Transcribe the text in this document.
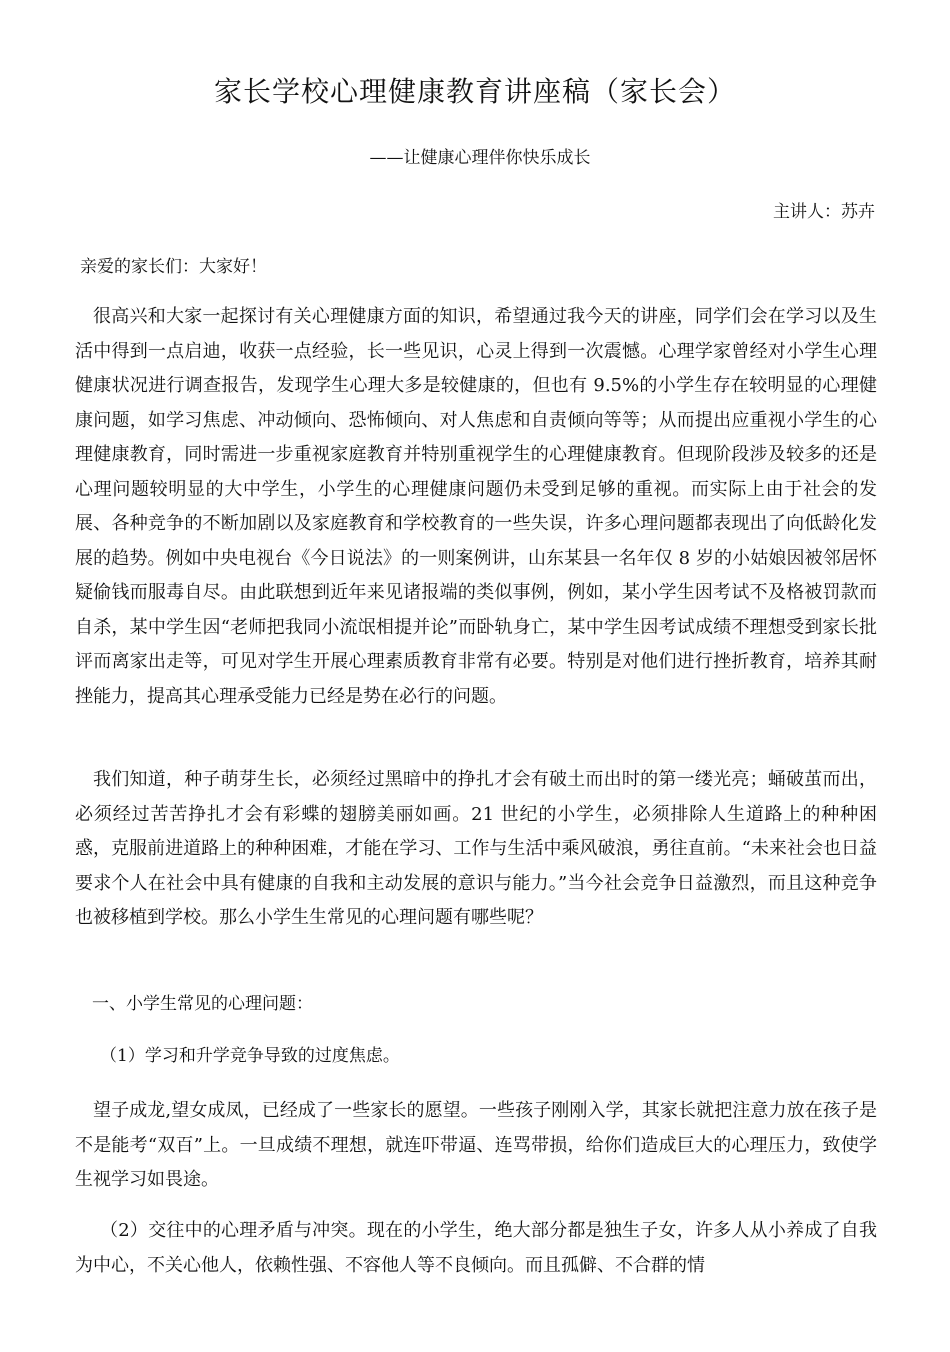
家长学校心理健康教育讲座稿（家长会）
——让健康心理伴你快乐成长
主讲人：苏卉
亲爱的家长们：大家好！

很高兴和大家一起探讨有关心理健康方面的知识，希望通过我今天的讲座，同学们会在学习以及生活中得到一点启迪，收获一点经验，长一些见识，心灵上得到一次震憾。心理学家曾经对小学生心理健康状况进行调查报告，发现学生心理大多是较健康的，但也有 9.5%的小学生存在较明显的心理健康问题，如学习焦虑、冲动倾向、恐怖倾向、对人焦虑和自责倾向等等；从而提出应重视小学生的心理健康教育，同时需进一步重视家庭教育并特别重视学生的心理健康教育。但现阶段涉及较多的还是心理问题较明显的大中学生，小学生的心理健康问题仍未受到足够的重视。而实际上由于社会的发展、各种竞争的不断加剧以及家庭教育和学校教育的一些失误，许多心理问题都表现出了向低龄化发展的趋势。例如中央电视台《今日说法》的一则案例讲，山东某县一名年仅 8 岁的小姑娘因被邻居怀疑偷钱而服毒自尽。由此联想到近年来见诸报端的类似事例，例如，某小学生因考试不及格被罚款而自杀，某中学生因“老师把我同小流氓相提并论”而卧轨身亡，某中学生因考试成绩不理想受到家长批评而离家出走等，可见对学生开展心理素质教育非常有必要。特别是对他们进行挫折教育，培养其耐挫能力，提高其心理承受能力已经是势在必行的问题。

我们知道，种子萌芽生长，必须经过黑暗中的挣扎才会有破土而出时的第一缕光亮；蛹破茧而出，必须经过苦苦挣扎才会有彩蝶的翅膀美丽如画。21 世纪的小学生，必须排除人生道路上的种种困惑，克服前进道路上的种种困难，才能在学习、工作与生活中乘风破浪，勇往直前。“未来社会也日益要求个人在社会中具有健康的自我和主动发展的意识与能力。”当今社会竞争日益激烈，而且这种竞争也被移植到学校。那么小学生生常见的心理问题有哪些呢？

一、小学生常见的心理问题：
（1）学习和升学竞争导致的过度焦虑。

望子成龙,望女成凤，已经成了一些家长的愿望。一些孩子刚刚入学，其家长就把注意力放在孩子是不是能考“双百”上。一旦成绩不理想，就连吓带逼、连骂带损，给你们造成巨大的心理压力，致使学生视学习如畏途。

（2）交往中的心理矛盾与冲突。现在的小学生，绝大部分都是独生子女，许多人从小养成了自我为中心，不关心他人，依赖性强、不容他人等不良倾向。而且孤僻、不合群的情
